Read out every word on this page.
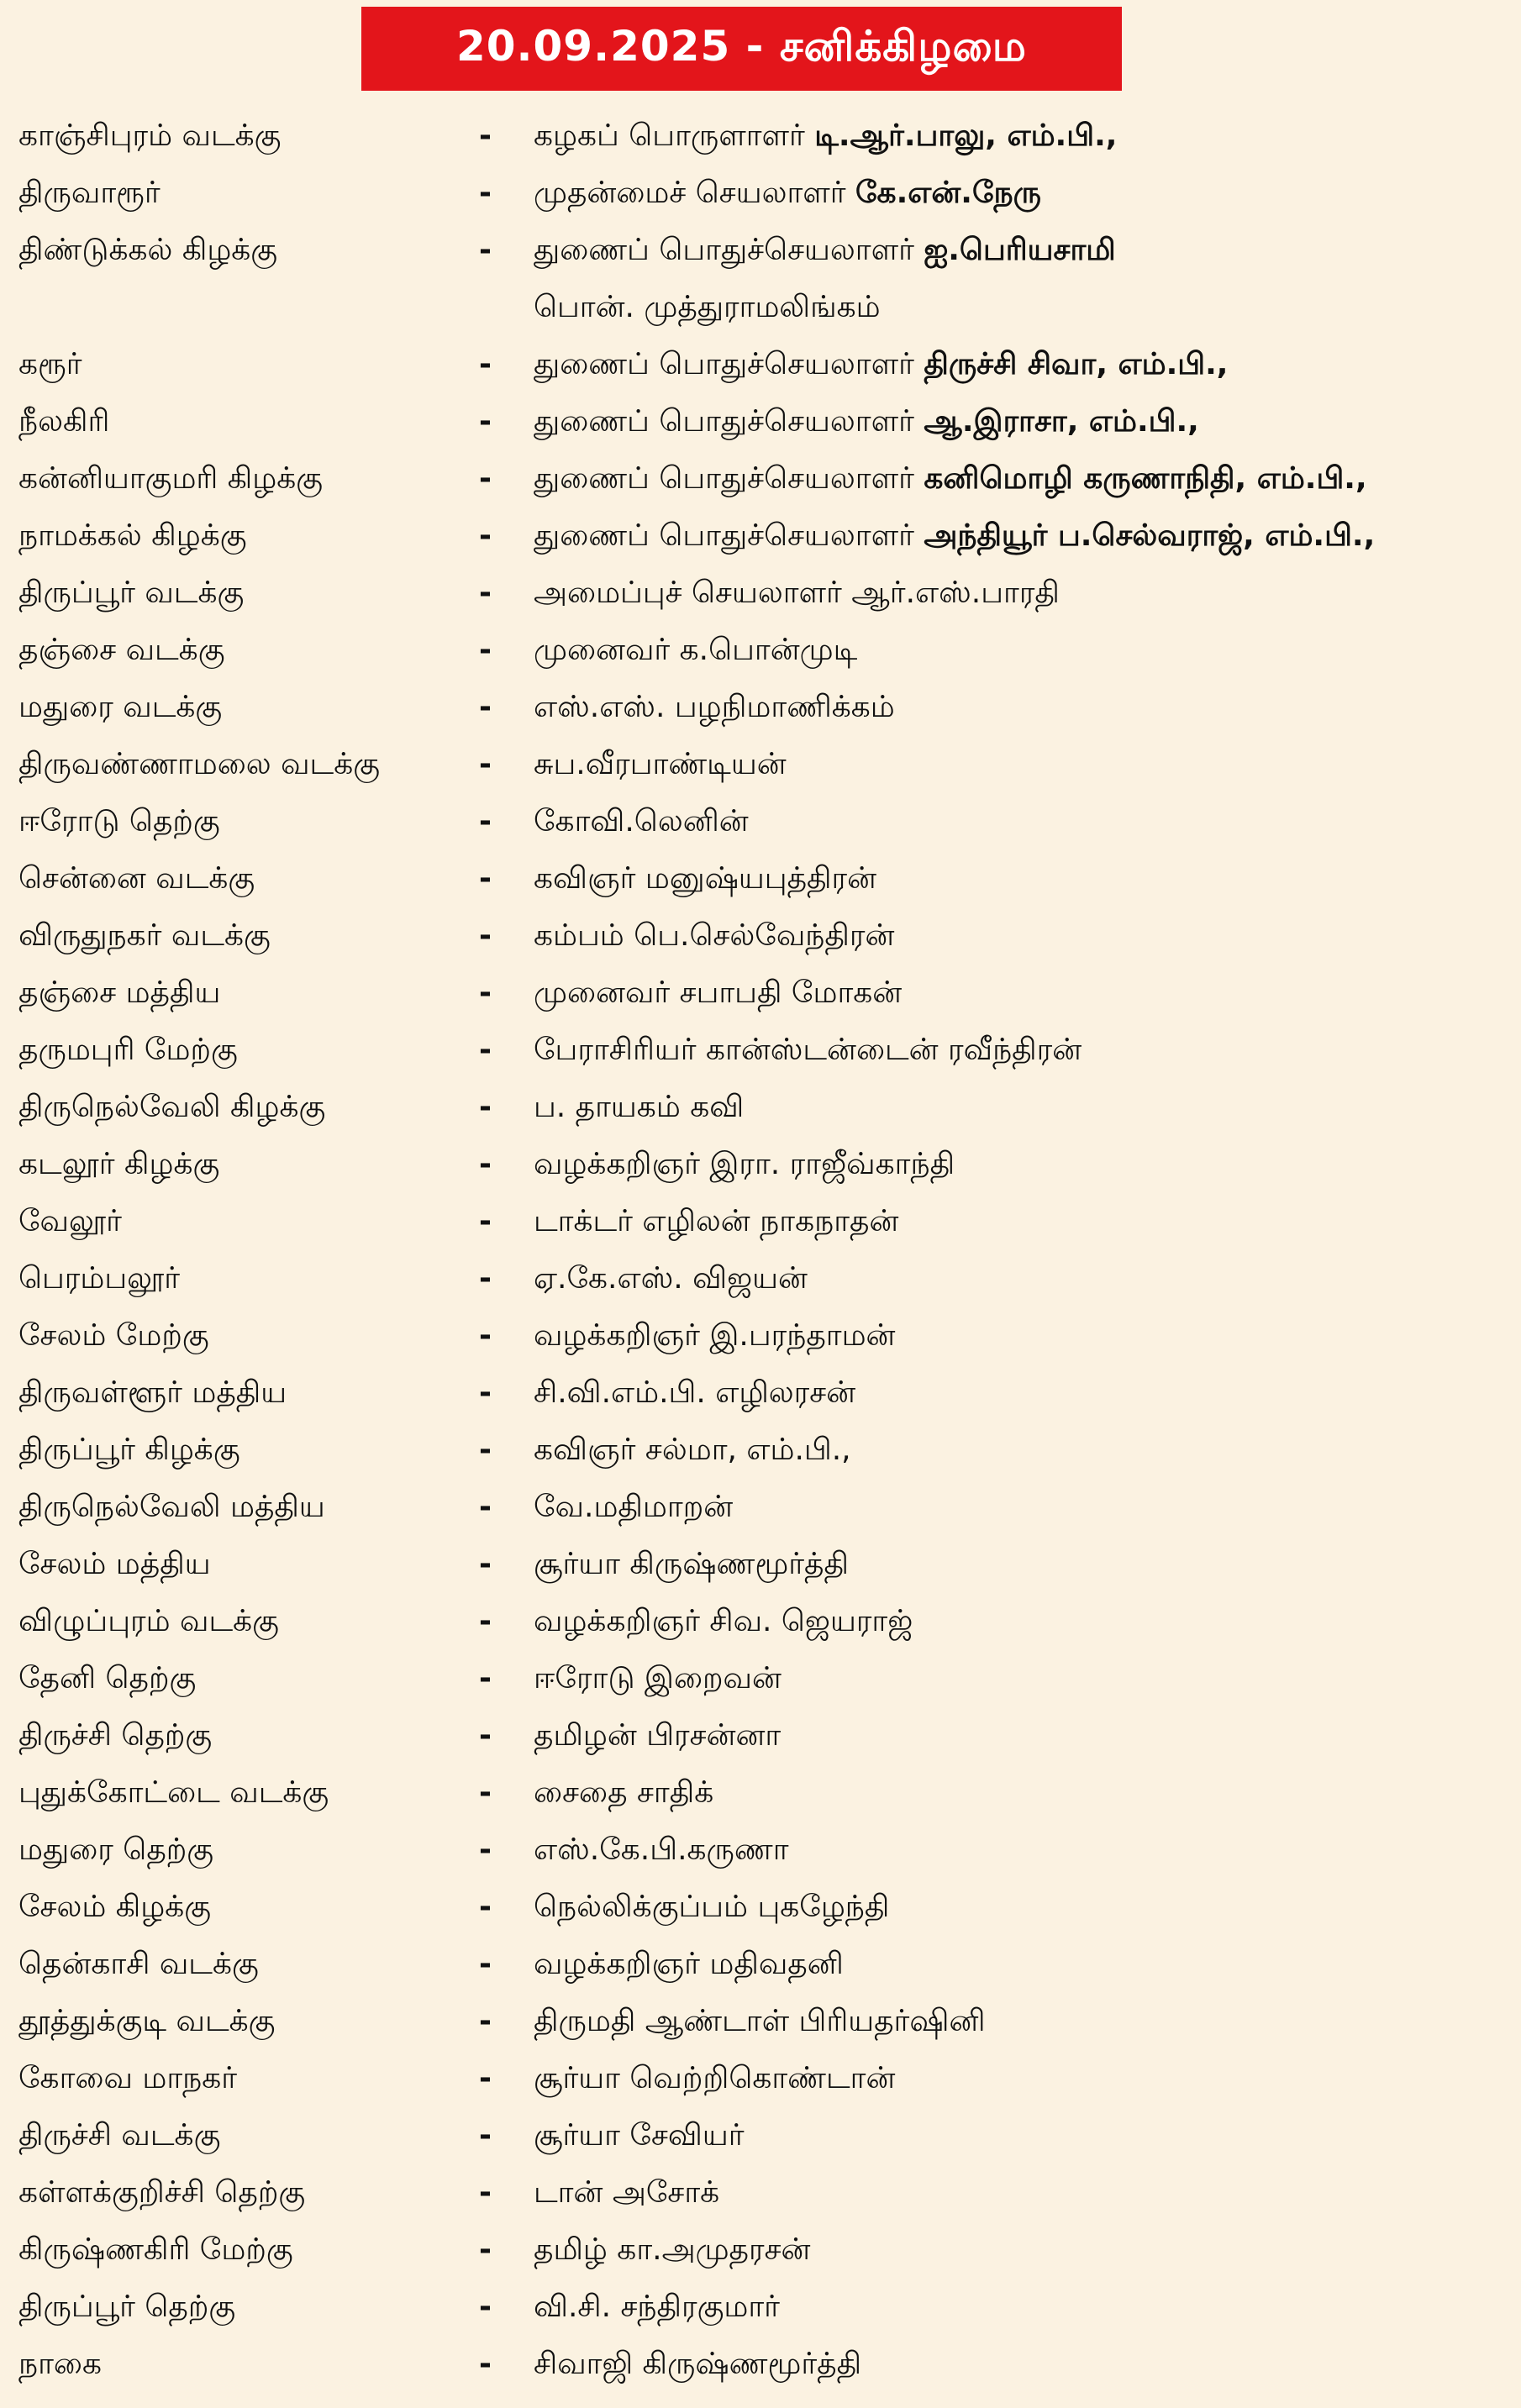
20.09.2025 - சனிக்கிழமை
காஞ்சிபுரம் வடக்கு	- கழகப் பொருளாளர் டி.ஆர்.பாலு, எம்.பி.,
திருவாரூர்	- முதன்மைச் செயலாளர் கே.என்.நேரு
திண்டுக்கல் கிழக்கு	- துணைப் பொதுச்செயலாளர் ஐ.பெரியசாமி
பொன். முத்துராமலிங்கம்
கரூர்	- துணைப் பொதுச்செயலாளர் திருச்சி சிவா, எம்.பி.,
நீலகிரி	- துணைப் பொதுச்செயலாளர் ஆ.இராசா, எம்.பி.,
கன்னியாகுமரி கிழக்கு	- துணைப் பொதுச்செயலாளர் கனிமொழி கருணாநிதி, எம்.பி.,
நாமக்கல் கிழக்கு	- துணைப் பொதுச்செயலாளர் அந்தியூர் ப.செல்வராஜ், எம்.பி.,
திருப்பூர் வடக்கு	- அமைப்புச் செயலாளர் ஆர்.எஸ்.பாரதி
தஞ்சை வடக்கு	- முனைவர் க.பொன்முடி
மதுரை வடக்கு	- எஸ்.எஸ். பழநிமாணிக்கம்
திருவண்ணாமலை வடக்கு	- சுப.வீரபாண்டியன்
ஈரோடு தெற்கு	- கோவி.லெனின்
சென்னை வடக்கு	- கவிஞர் மனுஷ்யபுத்திரன்
விருதுநகர் வடக்கு	- கம்பம் பெ.செல்வேந்திரன்
தஞ்சை மத்திய	- முனைவர் சபாபதி மோகன்
தருமபுரி மேற்கு	- பேராசிரியர் கான்ஸ்டன்டைன் ரவீந்திரன்
திருநெல்வேலி கிழக்கு	- ப. தாயகம் கவி
கடலூர் கிழக்கு	- வழக்கறிஞர் இரா. ராஜீவ்காந்தி
வேலூர்	- டாக்டர் எழிலன் நாகநாதன்
பெரம்பலூர்	- ஏ.கே.எஸ். விஜயன்
சேலம் மேற்கு	- வழக்கறிஞர் இ.பரந்தாமன்
திருவள்ளூர் மத்திய	- சி.வி.எம்.பி. எழிலரசன்
திருப்பூர் கிழக்கு	- கவிஞர் சல்மா, எம்.பி.,
திருநெல்வேலி மத்திய	- வே.மதிமாறன்
சேலம் மத்திய	- சூர்யா கிருஷ்ணமூர்த்தி
விழுப்புரம் வடக்கு	- வழக்கறிஞர் சிவ. ஜெயராஜ்
தேனி தெற்கு	- ஈரோடு இறைவன்
திருச்சி தெற்கு	- தமிழன் பிரசன்னா
புதுக்கோட்டை வடக்கு	- சைதை சாதிக்
மதுரை தெற்கு	- எஸ்.கே.பி.கருணா
சேலம் கிழக்கு	- நெல்லிக்குப்பம் புகழேந்தி
தென்காசி வடக்கு	- வழக்கறிஞர் மதிவதனி
தூத்துக்குடி வடக்கு	- திருமதி ஆண்டாள் பிரியதர்ஷினி
கோவை மாநகர்	- சூர்யா வெற்றிகொண்டான்
திருச்சி வடக்கு	- சூர்யா சேவியர்
கள்ளக்குறிச்சி தெற்கு	- டான் அசோக்
கிருஷ்ணகிரி மேற்கு	- தமிழ் கா.அமுதரசன்
திருப்பூர் தெற்கு	- வி.சி. சந்திரகுமார்
நாகை	- சிவாஜி கிருஷ்ணமூர்த்தி
